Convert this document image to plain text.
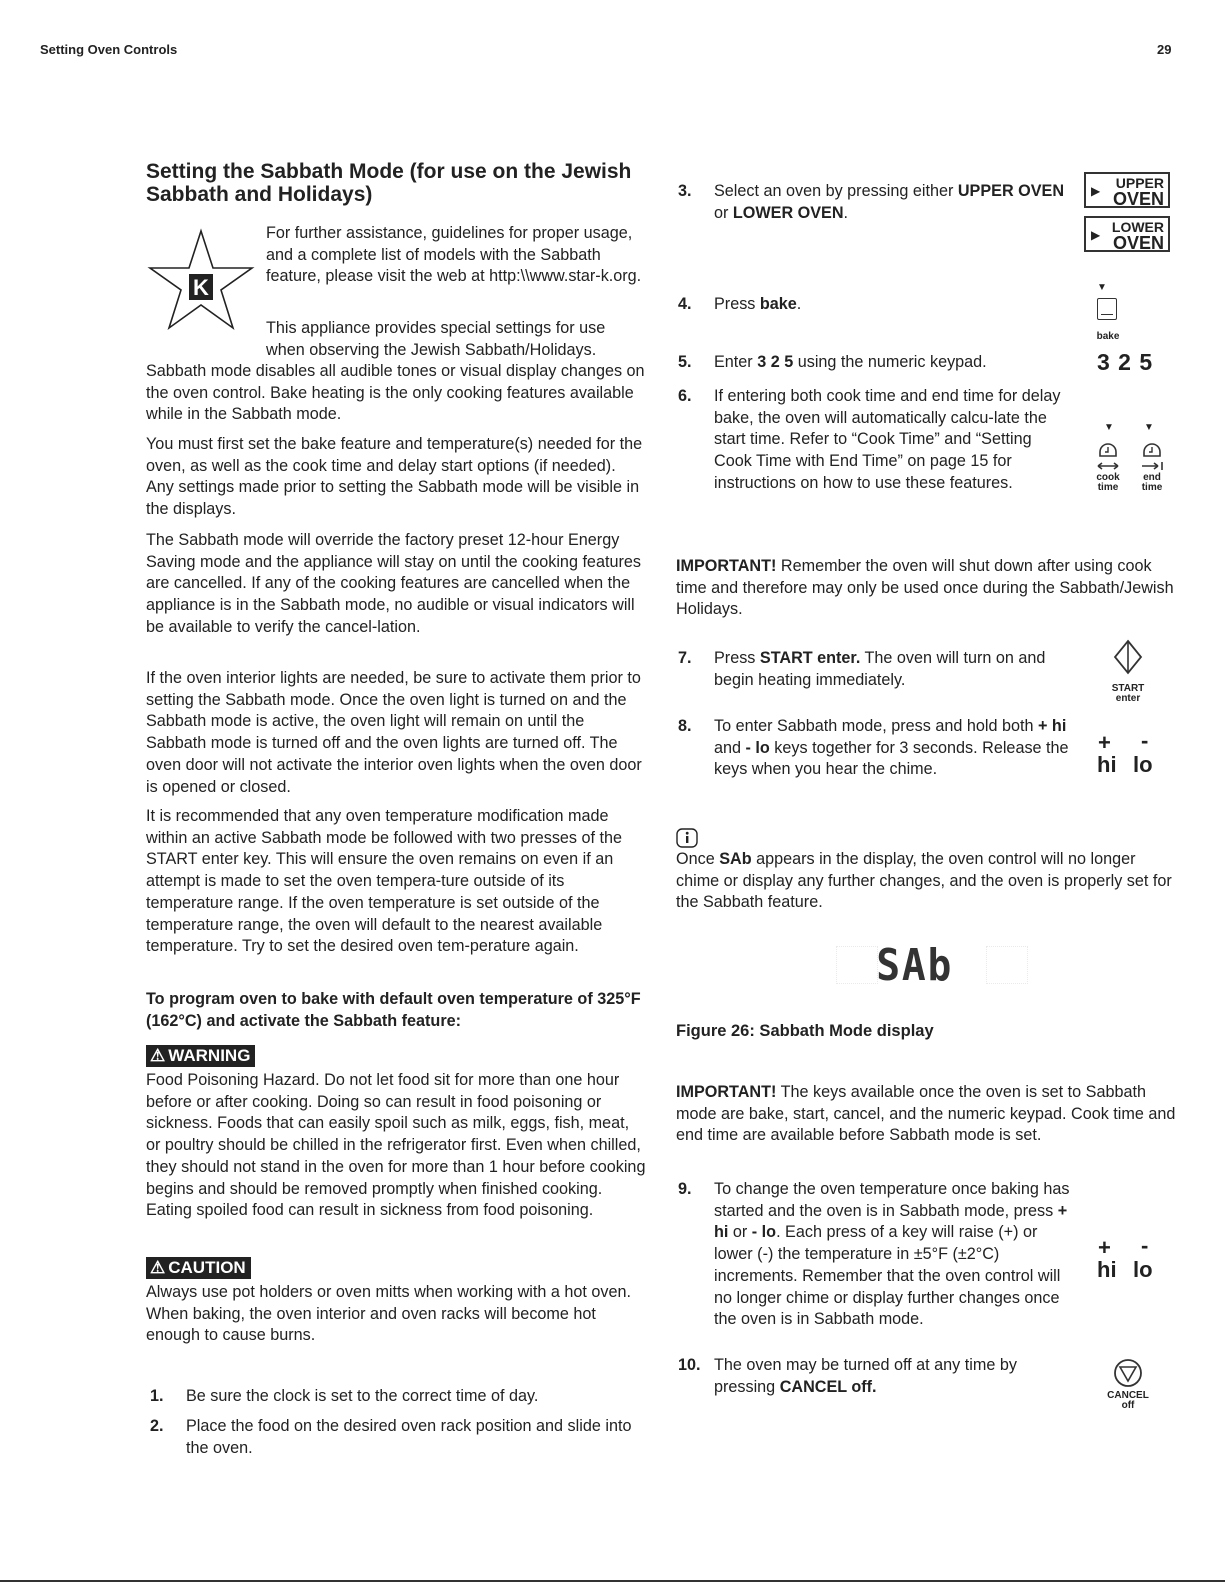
Setting Oven Controls	29
Setting the Sabbath Mode (for use on the Jewish Sabbath and Holidays)
K

For further assistance, guidelines for proper usage, and a complete list of models with the Sabbath feature, please visit the web at http:\\www.star-k.org.

This appliance provides special settings for use when observing the Jewish Sabbath/Holidays.

Sabbath mode disables all audible tones or visual display changes on the oven control. Bake heating is the only cooking features available while in the Sabbath mode.

You must first set the bake feature and temperature(s) needed for the oven, as well as the cook time and delay start options (if needed). Any settings made prior to setting the Sabbath mode will be visible in the displays.

The Sabbath mode will override the factory preset 12-hour Energy Saving mode and the appliance will stay on until the cooking features are cancelled. If any of the cooking features are cancelled when the appliance is in the Sabbath mode, no audible or visual indicators will be available to verify the cancel-lation.

If the oven interior lights are needed, be sure to activate them prior to setting the Sabbath mode. Once the oven light is turned on and the Sabbath mode is active, the oven light will remain on until the Sabbath mode is turned off and the oven lights are turned off. The oven door will not activate the interior oven lights when the oven door is opened or closed.

It is recommended that any oven temperature modification made within an active Sabbath mode be followed with two presses of the START enter key. This will ensure the oven remains on even if an attempt is made to set the oven tempera-ture outside of its temperature range. If the oven temperature is set outside of the temperature range, the oven will default to the nearest available temperature. Try to set the desired oven tem-perature again.

To program oven to bake with default oven temperature of 325°F (162°C) and activate the Sabbath feature:

⚠ WARNING

Food Poisoning Hazard. Do not let food sit for more than one hour before or after cooking. Doing so can result in food poisoning or sickness. Foods that can easily spoil such as milk, eggs, fish, meat, or poultry should be chilled in the refrigerator first. Even when chilled, they should not stand in the oven for more than 1 hour before cooking begins and should be removed promptly when finished cooking. Eating spoiled food can result in sickness from food poisoning.

⚠ CAUTION

Always use pot holders or oven mitts when working with a hot oven. When baking, the oven interior and oven racks will become hot enough to cause burns.

1. Be sure the clock is set to the correct time of day.
2. Place the food on the desired oven rack position and slide into the oven.
3. Select an oven by pressing either UPPER OVEN or LOWER OVEN.
4. Press bake.
5. Enter 3 2 5 using the numeric keypad.
6. If entering both cook time and end time for delay bake, the oven will automatically calcu-late the start time. Refer to “Cook Time” and “Setting Cook Time with End Time” on page 15 for instructions on how to use these features.

IMPORTANT! Remember the oven will shut down after using cook time and therefore may only be used once during the Sabbath/Jewish Holidays.

7. Press START enter. The oven will turn on and begin heating immediately.
8. To enter Sabbath mode, press and hold both + hi and - lo keys together for 3 seconds. Release the keys when you hear the chime.

Once SAb appears in the display, the oven control will no longer chime or display any further changes, and the oven is properly set for the Sabbath feature.

SAb
Figure 26: Sabbath Mode display

IMPORTANT! The keys available once the oven is set to Sabbath mode are bake, start, cancel, and the numeric keypad. Cook time and end time are available before Sabbath mode is set.

9. To change the oven temperature once baking has started and the oven is in Sabbath mode, press + hi or - lo. Each press of a key will raise (+) or lower (-) the temperature in ±5°F (±2°C) increments. Remember that the oven control will no longer chime or display further changes once the oven is in Sabbath mode.
10. The oven may be turned off at any time by pressing CANCEL off.
▶ UPPER
OVEN
▶ LOWER
OVEN
▼
bake
3 2 5
▼	▼
cook
time
end
time
START
enter
+ -
hi lo
+ -
hi lo
CANCEL
off
